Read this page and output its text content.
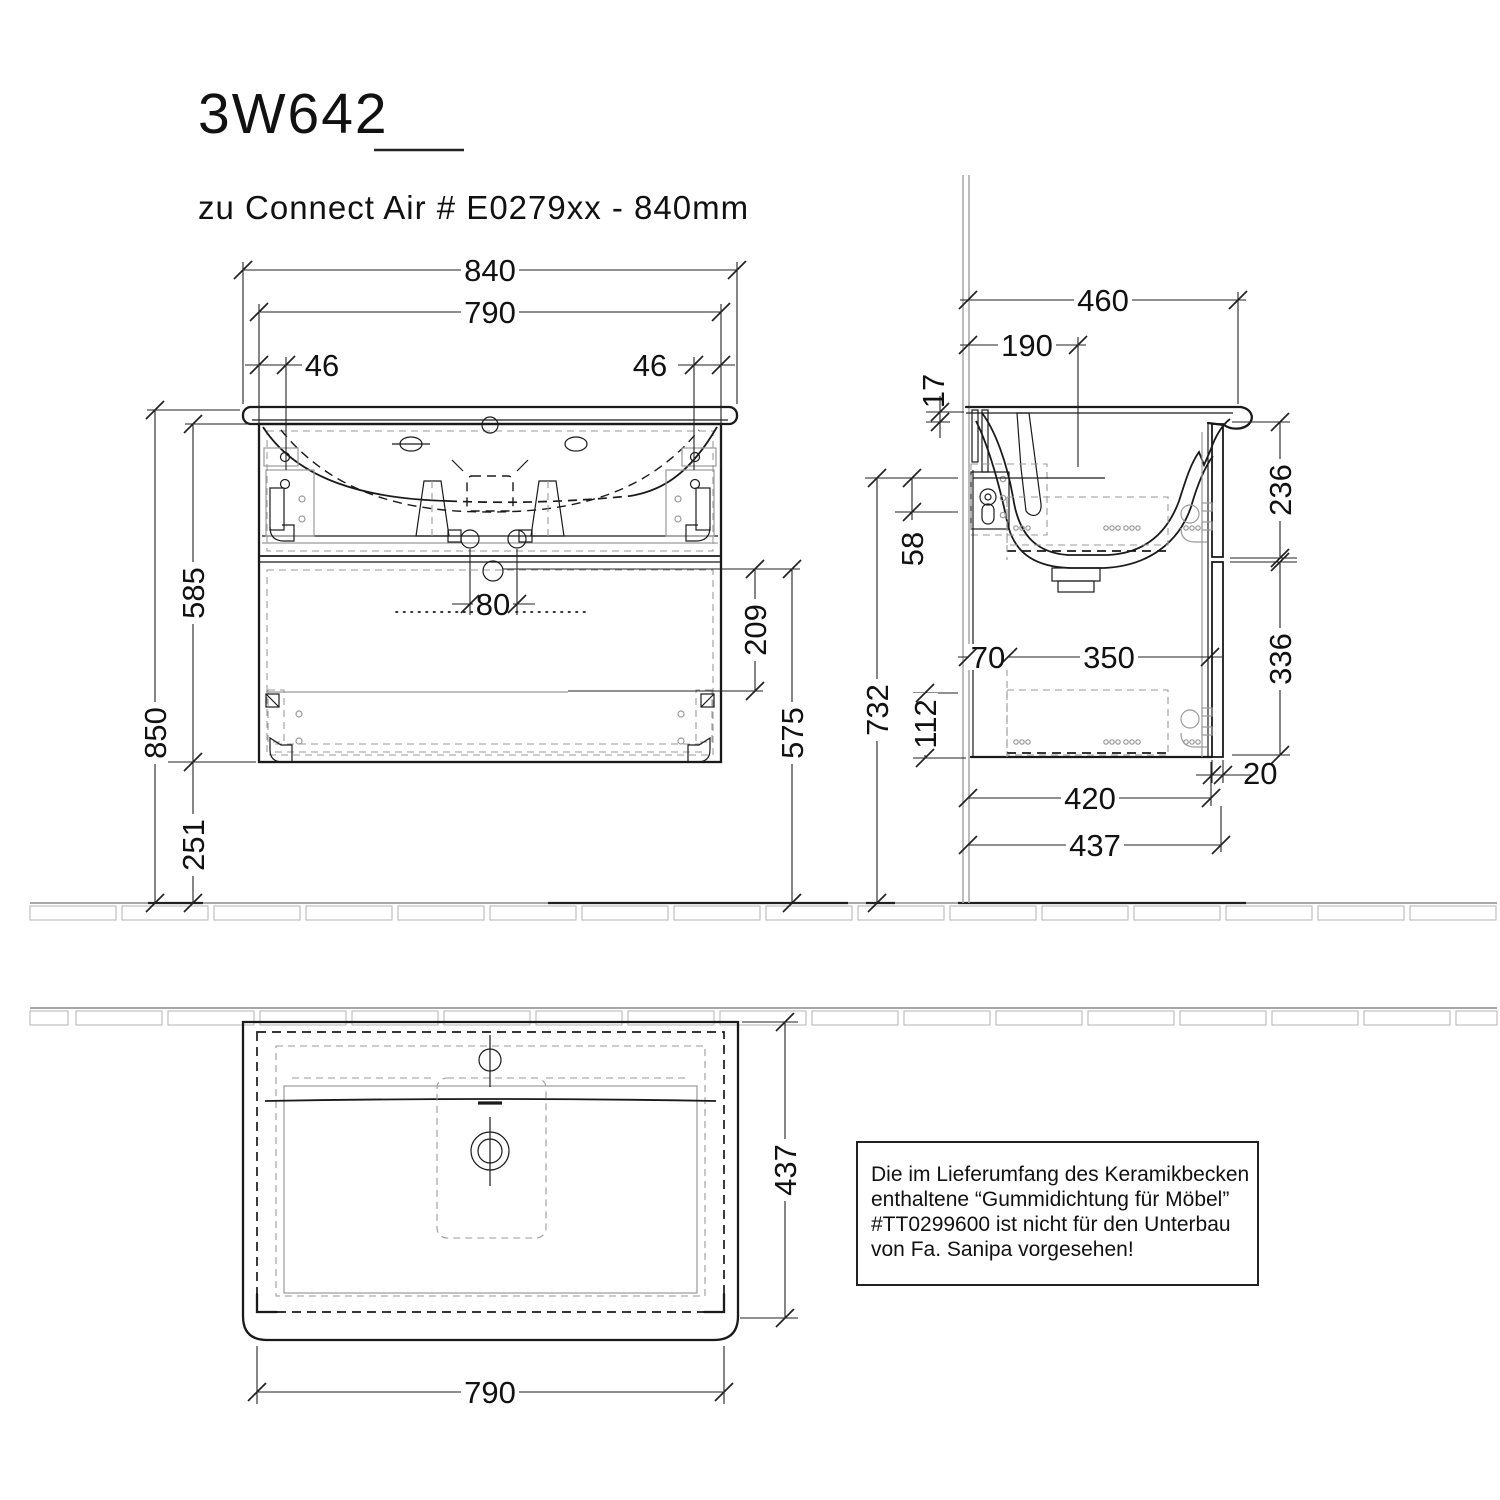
3W642
zu Connect Air # E0279xx - 840mm
840
790
46	46
850
585
251
80	209
575
460
190
17
58
732 112
70	350
236
336
20
420
437
790
437	Die im Lieferumfang des Keramikbecken
enthaltene “Gummidichtung für Möbel”
#TT0299600 ist nicht für den Unterbau
von Fa. Sanipa vorgesehen!
